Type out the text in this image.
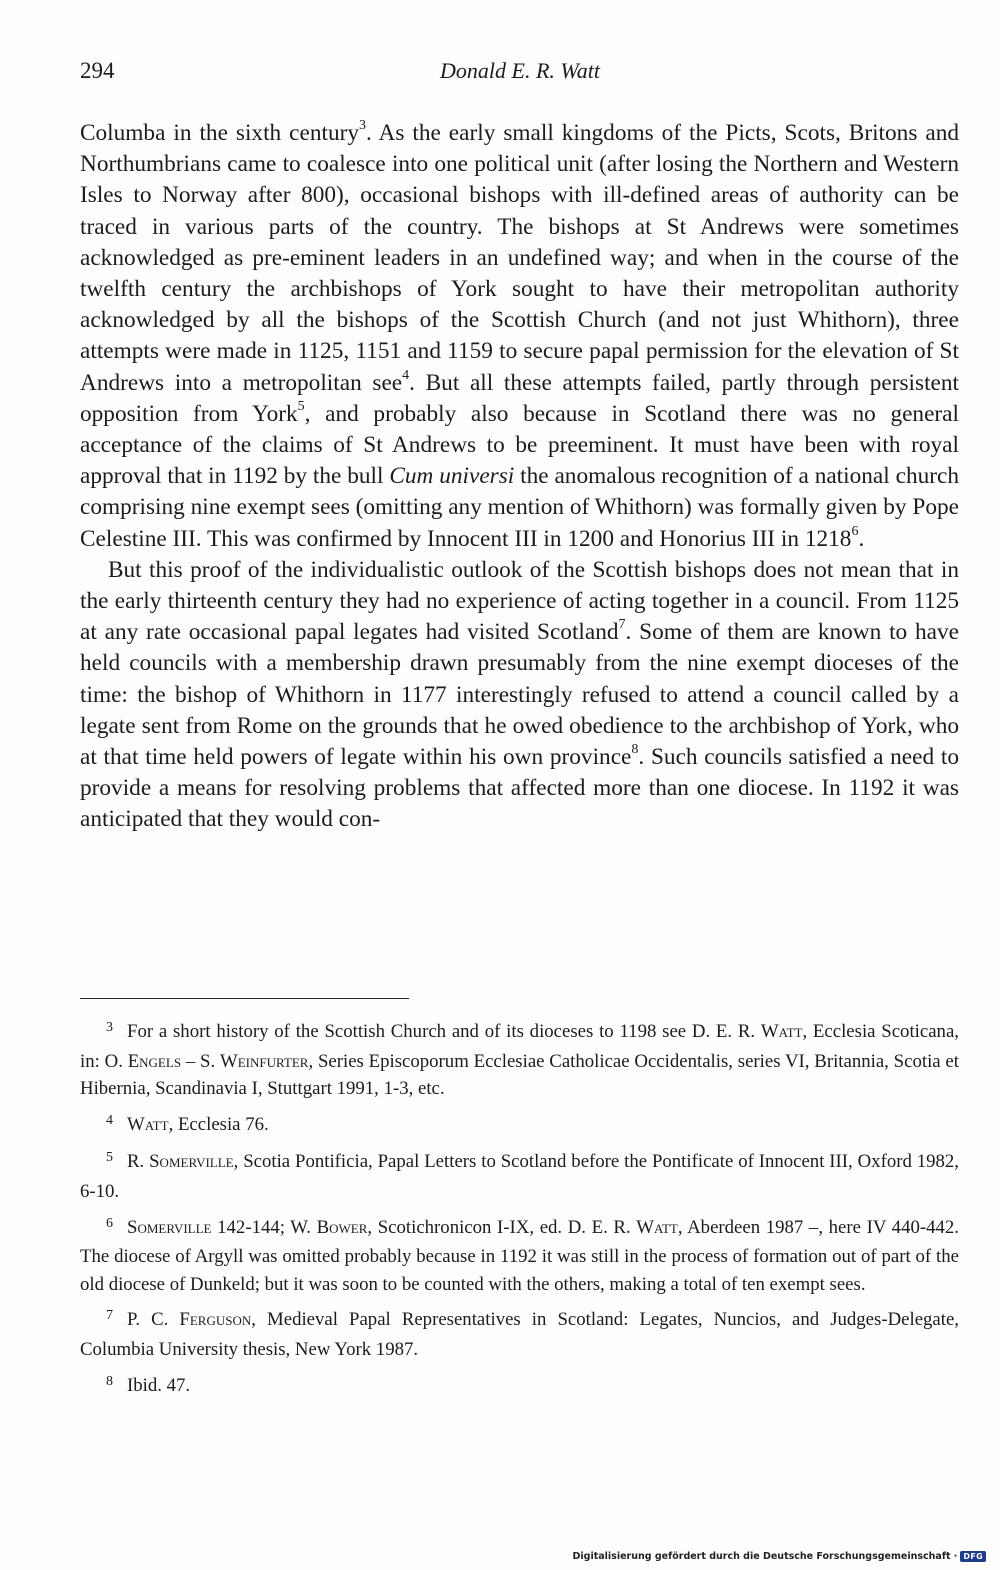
294	Donald E. R. Watt

Columba in the sixth century$^3$. As the early small kingdoms of the Picts, Scots, Britons and Northumbrians came to coalesce into one political unit (after losing the Northern and Western Isles to Norway after 800), occasional bishops with ill-defined areas of authority can be traced in various parts of the country. The bishops at St Andrews were sometimes acknowledged as pre-eminent leaders in an undefined way; and when in the course of the twelfth century the archbishops of York sought to have their metropolitan authority acknowledged by all the bishops of the Scottish Church (and not just Whithorn), three attempts were made in 1125, 1151 and 1159 to secure papal permission for the elevation of St Andrews into a metropolitan see$^4$. But all these attempts failed, partly through persistent opposition from York$^5$, and probably also because in Scotland there was no general acceptance of the claims of St Andrews to be preeminent. It must have been with royal approval that in 1192 by the bull Cum universi the anomalous recognition of a national church comprising nine exempt sees (omitting any mention of Whithorn) was formally given by Pope Celestine III. This was confirmed by Innocent III in 1200 and Honorius III in 1218$^6$.

But this proof of the individualistic outlook of the Scottish bishops does not mean that in the early thirteenth century they had no experience of acting together in a council. From 1125 at any rate occasional papal legates had visited Scotland$^7$. Some of them are known to have held councils with a membership drawn presumably from the nine exempt dioceses of the time: the bishop of Whithorn in 1177 interestingly refused to attend a council called by a legate sent from Rome on the grounds that he owed obedience to the archbishop of York, who at that time held powers of legate within his own province$^8$. Such councils satisfied a need to provide a means for resolving problems that affected more than one diocese. In 1192 it was anticipated that they would con-

$^3$ For a short history of the Scottish Church and of its dioceses to 1198 see D. E. R. Watt, Ecclesia Scoticana, in: O. Engels – S. Weinfurter, Series Episcoporum Ecclesiae Catholicae Occidentalis, series VI, Britannia, Scotia et Hibernia, Scandinavia I, Stuttgart 1991, 1-3, etc.

$^4$ Watt, Ecclesia 76.

$^5$ R. Somerville, Scotia Pontificia, Papal Letters to Scotland before the Pontificate of Innocent III, Oxford 1982, 6-10.

$^6$ Somerville 142-144; W. Bower, Scotichronicon I-IX, ed. D. E. R. Watt, Aberdeen 1987 –, here IV 440-442. The diocese of Argyll was omitted probably because in 1192 it was still in the process of formation out of part of the old diocese of Dunkeld; but it was soon to be counted with the others, making a total of ten exempt sees.

$^7$ P. C. Ferguson, Medieval Papal Representatives in Scotland: Legates, Nuncios, and Judges-Delegate, Columbia University thesis, New York 1987.

$^8$ Ibid. 47.

Digitalisierung gefördert durch die Deutsche Forschungsgemeinschaft · DFG
